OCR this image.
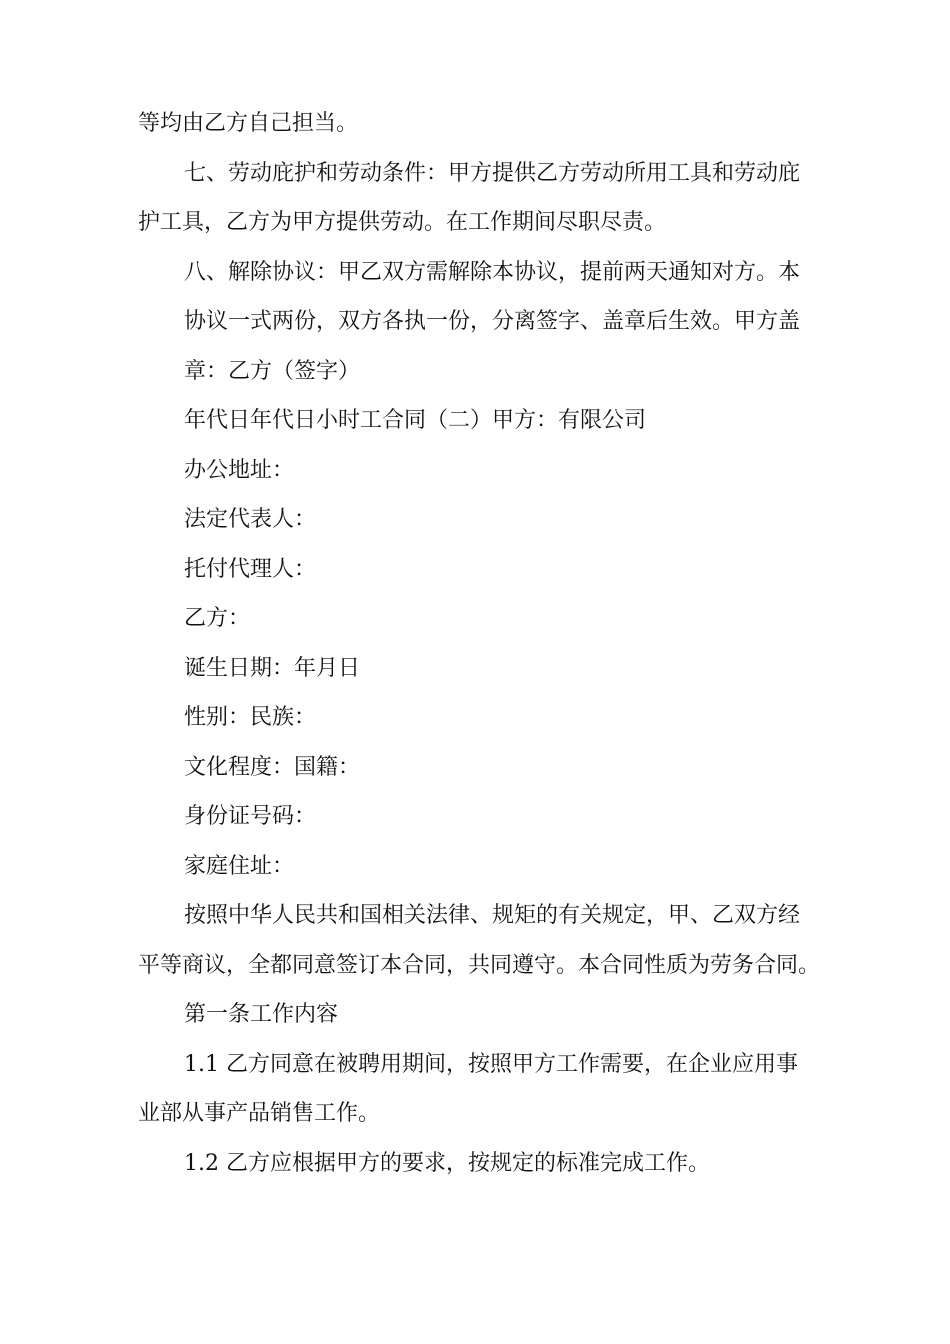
等均由乙方自己担当。

七、劳动庇护和劳动条件：甲方提供乙方劳动所用工具和劳动庇

护工具，乙方为甲方提供劳动。在工作期间尽职尽责。

八、解除协议：甲乙双方需解除本协议，提前两天通知对方。本

协议一式两份，双方各执一份，分离签字、盖章后生效。甲方盖

章：乙方（签字）

年代日年代日小时工合同（二）甲方：有限公司

办公地址：

法定代表人：

托付代理人：

乙方：

诞生日期：年月日

性别：民族：

文化程度：国籍：

身份证号码：

家庭住址：

按照中华人民共和国相关法律、规矩的有关规定，甲、乙双方经

平等商议，全都同意签订本合同，共同遵守。本合同性质为劳务合同。

第一条工作内容

1.1 乙方同意在被聘用期间，按照甲方工作需要，在企业应用事

业部从事产品销售工作。

1.2 乙方应根据甲方的要求，按规定的标准完成工作。
